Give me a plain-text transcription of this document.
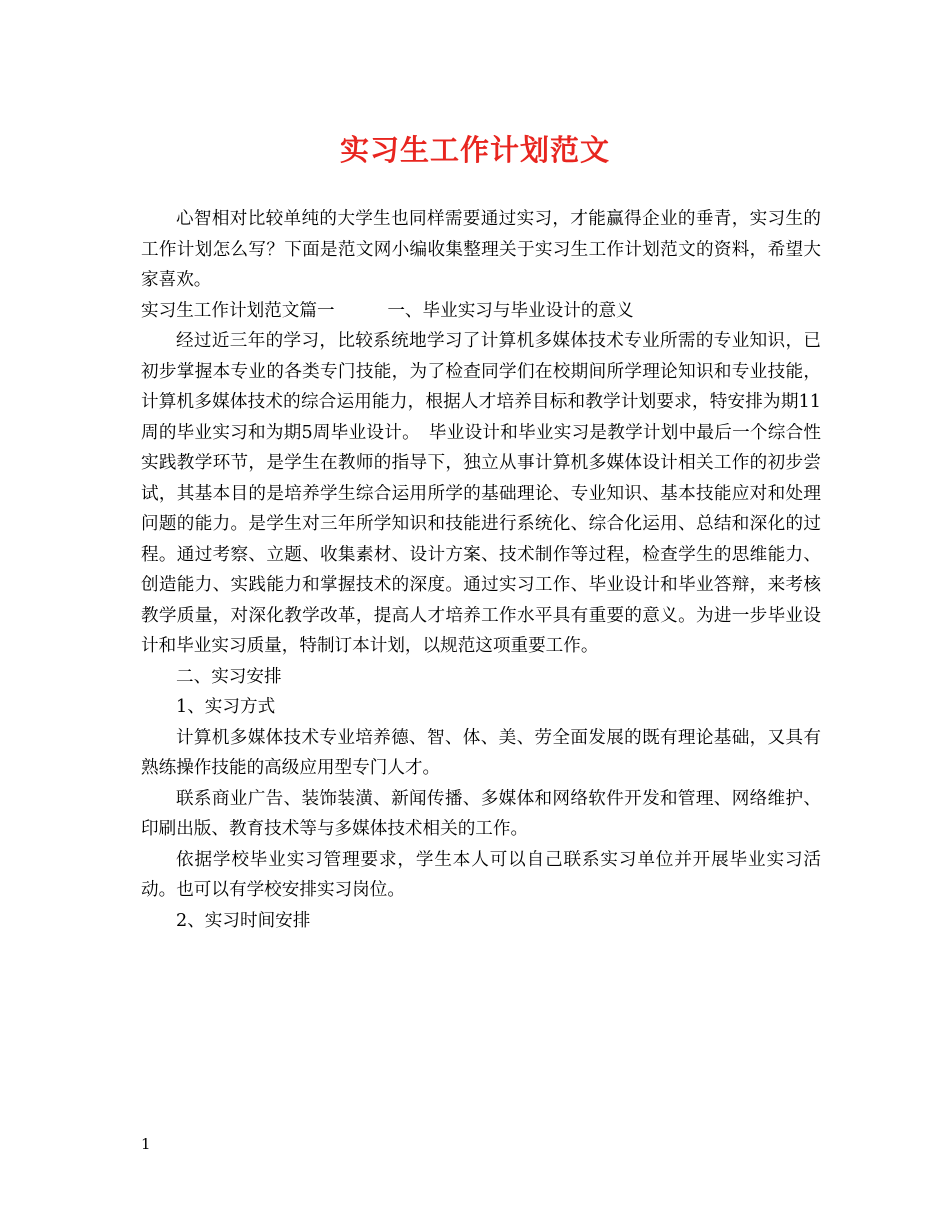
实习生工作计划范文

心智相对比较单纯的大学生也同样需要通过实习，才能赢得企业的垂青，实习生的工作计划怎么写？下面是范文网小编收集整理关于实习生工作计划范文的资料，希望大家喜欢。

实习生工作计划范文篇一　　　一、毕业实习与毕业设计的意义

经过近三年的学习，比较系统地学习了计算机多媒体技术专业所需的专业知识，已初步掌握本专业的各类专门技能，为了检查同学们在校期间所学理论知识和专业技能，计算机多媒体技术的综合运用能力，根据人才培养目标和教学计划要求，特安排为期11周的毕业实习和为期5周毕业设计。　毕业设计和毕业实习是教学计划中最后一个综合性实践教学环节，是学生在教师的指导下，独立从事计算机多媒体设计相关工作的初步尝试，其基本目的是培养学生综合运用所学的基础理论、专业知识、基本技能应对和处理问题的能力。是学生对三年所学知识和技能进行系统化、综合化运用、总结和深化的过程。通过考察、立题、收集素材、设计方案、技术制作等过程，检查学生的思维能力、创造能力、实践能力和掌握技术的深度。通过实习工作、毕业设计和毕业答辩，来考核教学质量，对深化教学改革，提高人才培养工作水平具有重要的意义。为进一步毕业设计和毕业实习质量，特制订本计划，以规范这项重要工作。

二、实习安排

1、实习方式

计算机多媒体技术专业培养德、智、体、美、劳全面发展的既有理论基础，又具有熟练操作技能的高级应用型专门人才。

联系商业广告、装饰装潢、新闻传播、多媒体和网络软件开发和管理、网络维护、印刷出版、教育技术等与多媒体技术相关的工作。

依据学校毕业实习管理要求，学生本人可以自己联系实习单位并开展毕业实习活动。也可以有学校安排实习岗位。

2、实习时间安排

1
